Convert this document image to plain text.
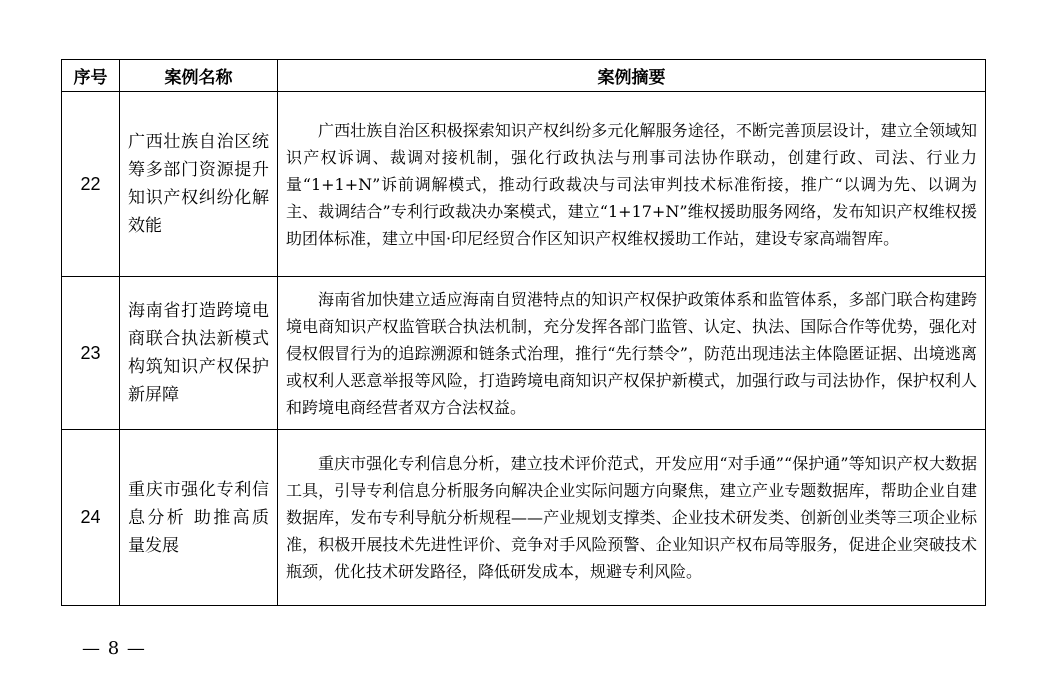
序号	案例名称	案例摘要
22	广西壮族自治区统筹多部门资源提升知识产权纠纷化解效能	广西壮族自治区积极探索知识产权纠纷多元化解服务途径，不断完善顶层设计，建立全领域知识产权诉调、裁调对接机制，强化行政执法与刑事司法协作联动，创建行政、司法、行业力量“1+1+N”诉前调解模式，推动行政裁决与司法审判技术标准衔接，推广“以调为先、以调为主、裁调结合”专利行政裁决办案模式，建立“1+17+N”维权援助服务网络，发布知识产权维权援助团体标准，建立中国·印尼经贸合作区知识产权维权援助工作站，建设专家高端智库。

23	海南省打造跨境电商联合执法新模式 构筑知识产权保护新屏障	海南省加快建立适应海南自贸港特点的知识产权保护政策体系和监管体系，多部门联合构建跨境电商知识产权监管联合执法机制，充分发挥各部门监管、认定、执法、国际合作等优势，强化对侵权假冒行为的追踪溯源和链条式治理，推行“先行禁令”，防范出现违法主体隐匿证据、出境逃离或权利人恶意举报等风险，打造跨境电商知识产权保护新模式，加强行政与司法协作，保护权利人和跨境电商经营者双方合法权益。

24	重庆市强化专利信息分析 助推高质量发展	重庆市强化专利信息分析，建立技术评价范式，开发应用“对手通”“保护通”等知识产权大数据工具，引导专利信息分析服务向解决企业实际问题方向聚焦，建立产业专题数据库，帮助企业自建数据库，发布专利导航分析规程——产业规划支撑类、企业技术研发类、创新创业类等三项企业标准，积极开展技术先进性评价、竞争对手风险预警、企业知识产权布局等服务，促进企业突破技术瓶颈，优化技术研发路径，降低研发成本，规避专利风险。

— 8 —
